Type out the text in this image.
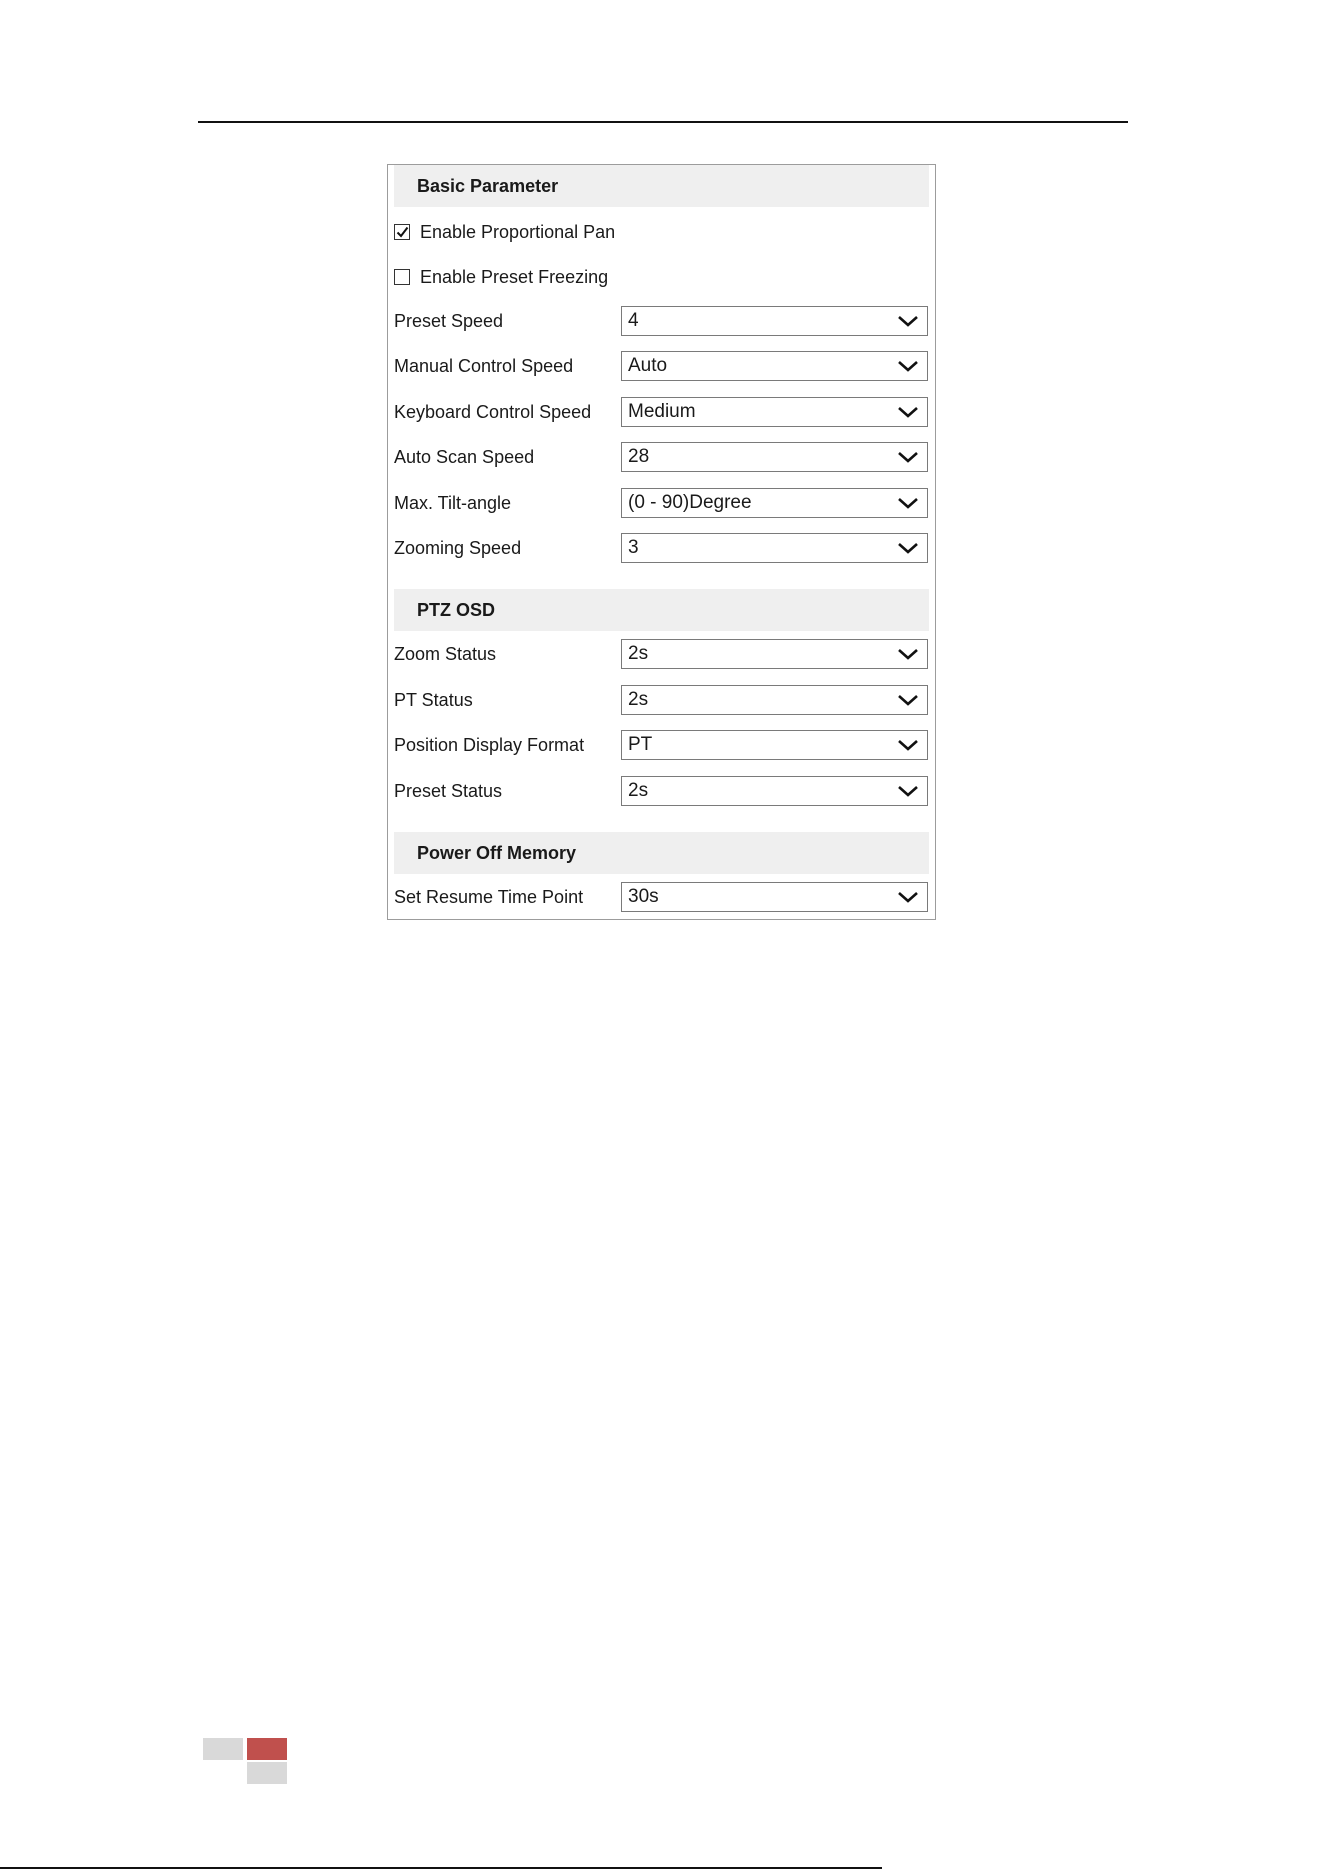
Basic Parameter
Enable Proportional Pan
Enable Preset Freezing
Preset Speed	4
Manual Control Speed	Auto
Keyboard Control Speed	Medium
Auto Scan Speed	28
Max. Tilt-angle	(0 - 90)Degree
Zooming Speed	3
PTZ OSD
Zoom Status	2s
PT Status	2s
Position Display Format	PT
Preset Status	2s
Power Off Memory
Set Resume Time Point	30s
